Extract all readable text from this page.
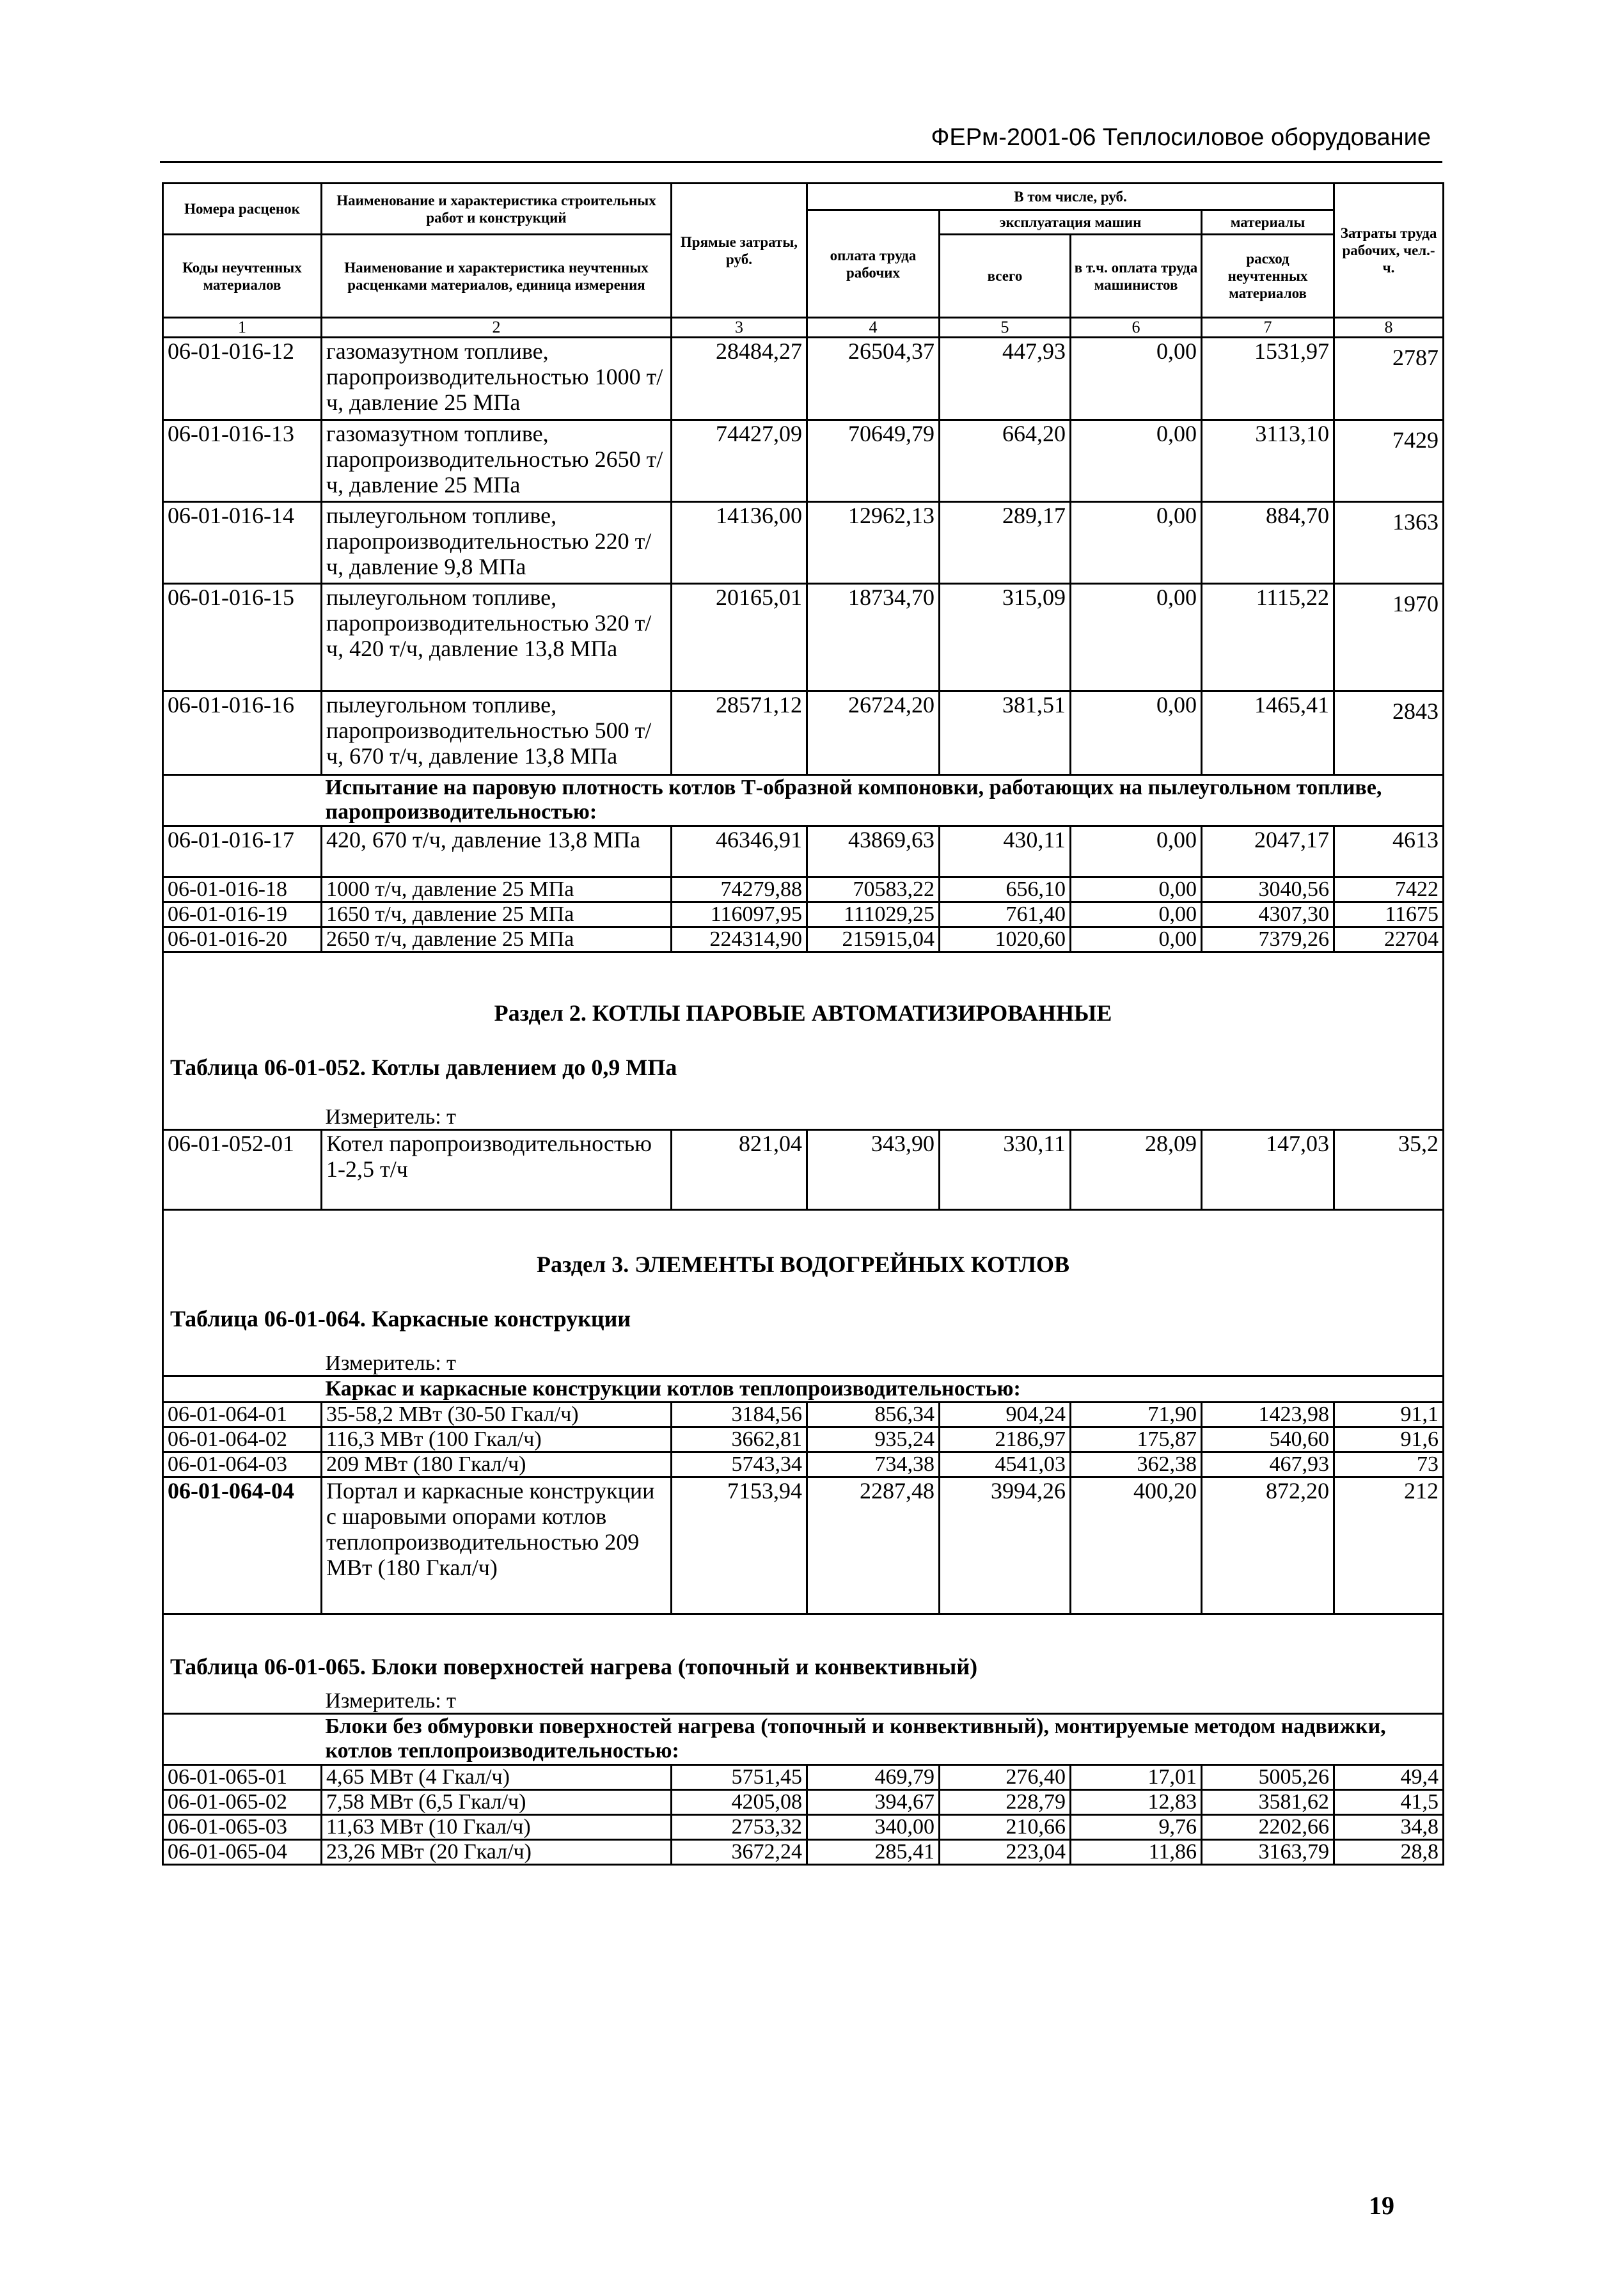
ФЕРм-2001-06 Теплосиловое оборудование
Номера расценок	Наименование и характеристика строительных работ и конструкций	Прямые затраты, руб.	В том числе, руб.				Затраты труда рабочих, чел.-ч.
			оплата труда рабочих	эксплуатация машин		материалы	
Коды неучтенных материалов	Наименование и характеристика неучтенных расценками материалов, единица измерения			всего	в т.ч. оплата труда машинистов	расход неучтенных материалов	

1	2	3	4	5	6	7	8
06-01-016-12	газомазутном топливе, паропроизводительностью 1000 т/ч, давление 25 МПа	28484,27	26504,37	447,93	0,00	1531,97	2787
06-01-016-13	газомазутном топливе, паропроизводительностью 2650 т/ч, давление 25 МПа	74427,09	70649,79	664,20	0,00	3113,10	7429
06-01-016-14	пылеугольном топливе, паропроизводительностью 220 т/ч, давление 9,8 МПа	14136,00	12962,13	289,17	0,00	884,70	1363
06-01-016-15	пылеугольном топливе, паропроизводительностью 320 т/ч, 420 т/ч, давление 13,8 МПа	20165,01	18734,70	315,09	0,00	1115,22	1970
06-01-016-16	пылеугольном топливе, паропроизводительностью 500 т/ч, 670 т/ч, давление 13,8 МПа	28571,12	26724,20	381,51	0,00	1465,41	2843
	Испытание на паровую плотность котлов Т-образной компоновки, работающих на пылеугольном топливе, паропроизводительностью:						
06-01-016-17	420, 670 т/ч, давление 13,8 МПа	46346,91	43869,63	430,11	0,00	2047,17	4613
06-01-016-18	1000 т/ч, давление 25 МПа	74279,88	70583,22	656,10	0,00	3040,56	7422
06-01-016-19	1650 т/ч, давление 25 МПа	116097,95	111029,25	761,40	0,00	4307,30	11675
06-01-016-20	2650 т/ч, давление 25 МПа	224314,90	215915,04	1020,60	0,00	7379,26	22704
Раздел 2. КОТЛЫ ПАРОВЫЕ АВТОМАТИЗИРОВАННЫЕ							
Таблица 06-01-052. Котлы давлением до 0,9 МПа							
	Измеритель: т						
06-01-052-01	Котел паропроизводительностью 1-2,5 т/ч	821,04	343,90	330,11	28,09	147,03	35,2
Раздел 3. ЭЛЕМЕНТЫ ВОДОГРЕЙНЫХ КОТЛОВ							
Таблица 06-01-064. Каркасные конструкции							
	Измеритель: т						
	Каркас и каркасные конструкции котлов теплопроизводительностью:						
06-01-064-01	35-58,2 МВт (30-50 Гкал/ч)	3184,56	856,34	904,24	71,90	1423,98	91,1
06-01-064-02	116,3 МВт (100 Гкал/ч)	3662,81	935,24	2186,97	175,87	540,60	91,6
06-01-064-03	209 МВт (180 Гкал/ч)	5743,34	734,38	4541,03	362,38	467,93	73
06-01-064-04	Портал и каркасные конструкции с шаровыми опорами котлов теплопроизводительностью 209 МВт (180 Гкал/ч)	7153,94	2287,48	3994,26	400,20	872,20	212
Таблица 06-01-065. Блоки поверхностей нагрева (топочный и конвективный)							
	Измеритель: т						
	Блоки без обмуровки поверхностей нагрева (топочный и конвективный), монтируемые методом надвижки, котлов теплопроизводительностью:						
06-01-065-01	4,65 МВт (4 Гкал/ч)	5751,45	469,79	276,40	17,01	5005,26	49,4
06-01-065-02	7,58 МВт (6,5 Гкал/ч)	4205,08	394,67	228,79	12,83	3581,62	41,5
06-01-065-03	11,63 МВт (10 Гкал/ч)	2753,32	340,00	210,66	9,76	2202,66	34,8
06-01-065-04	23,26 МВт (20 Гкал/ч)	3672,24	285,41	223,04	11,86	3163,79	28,8
19
